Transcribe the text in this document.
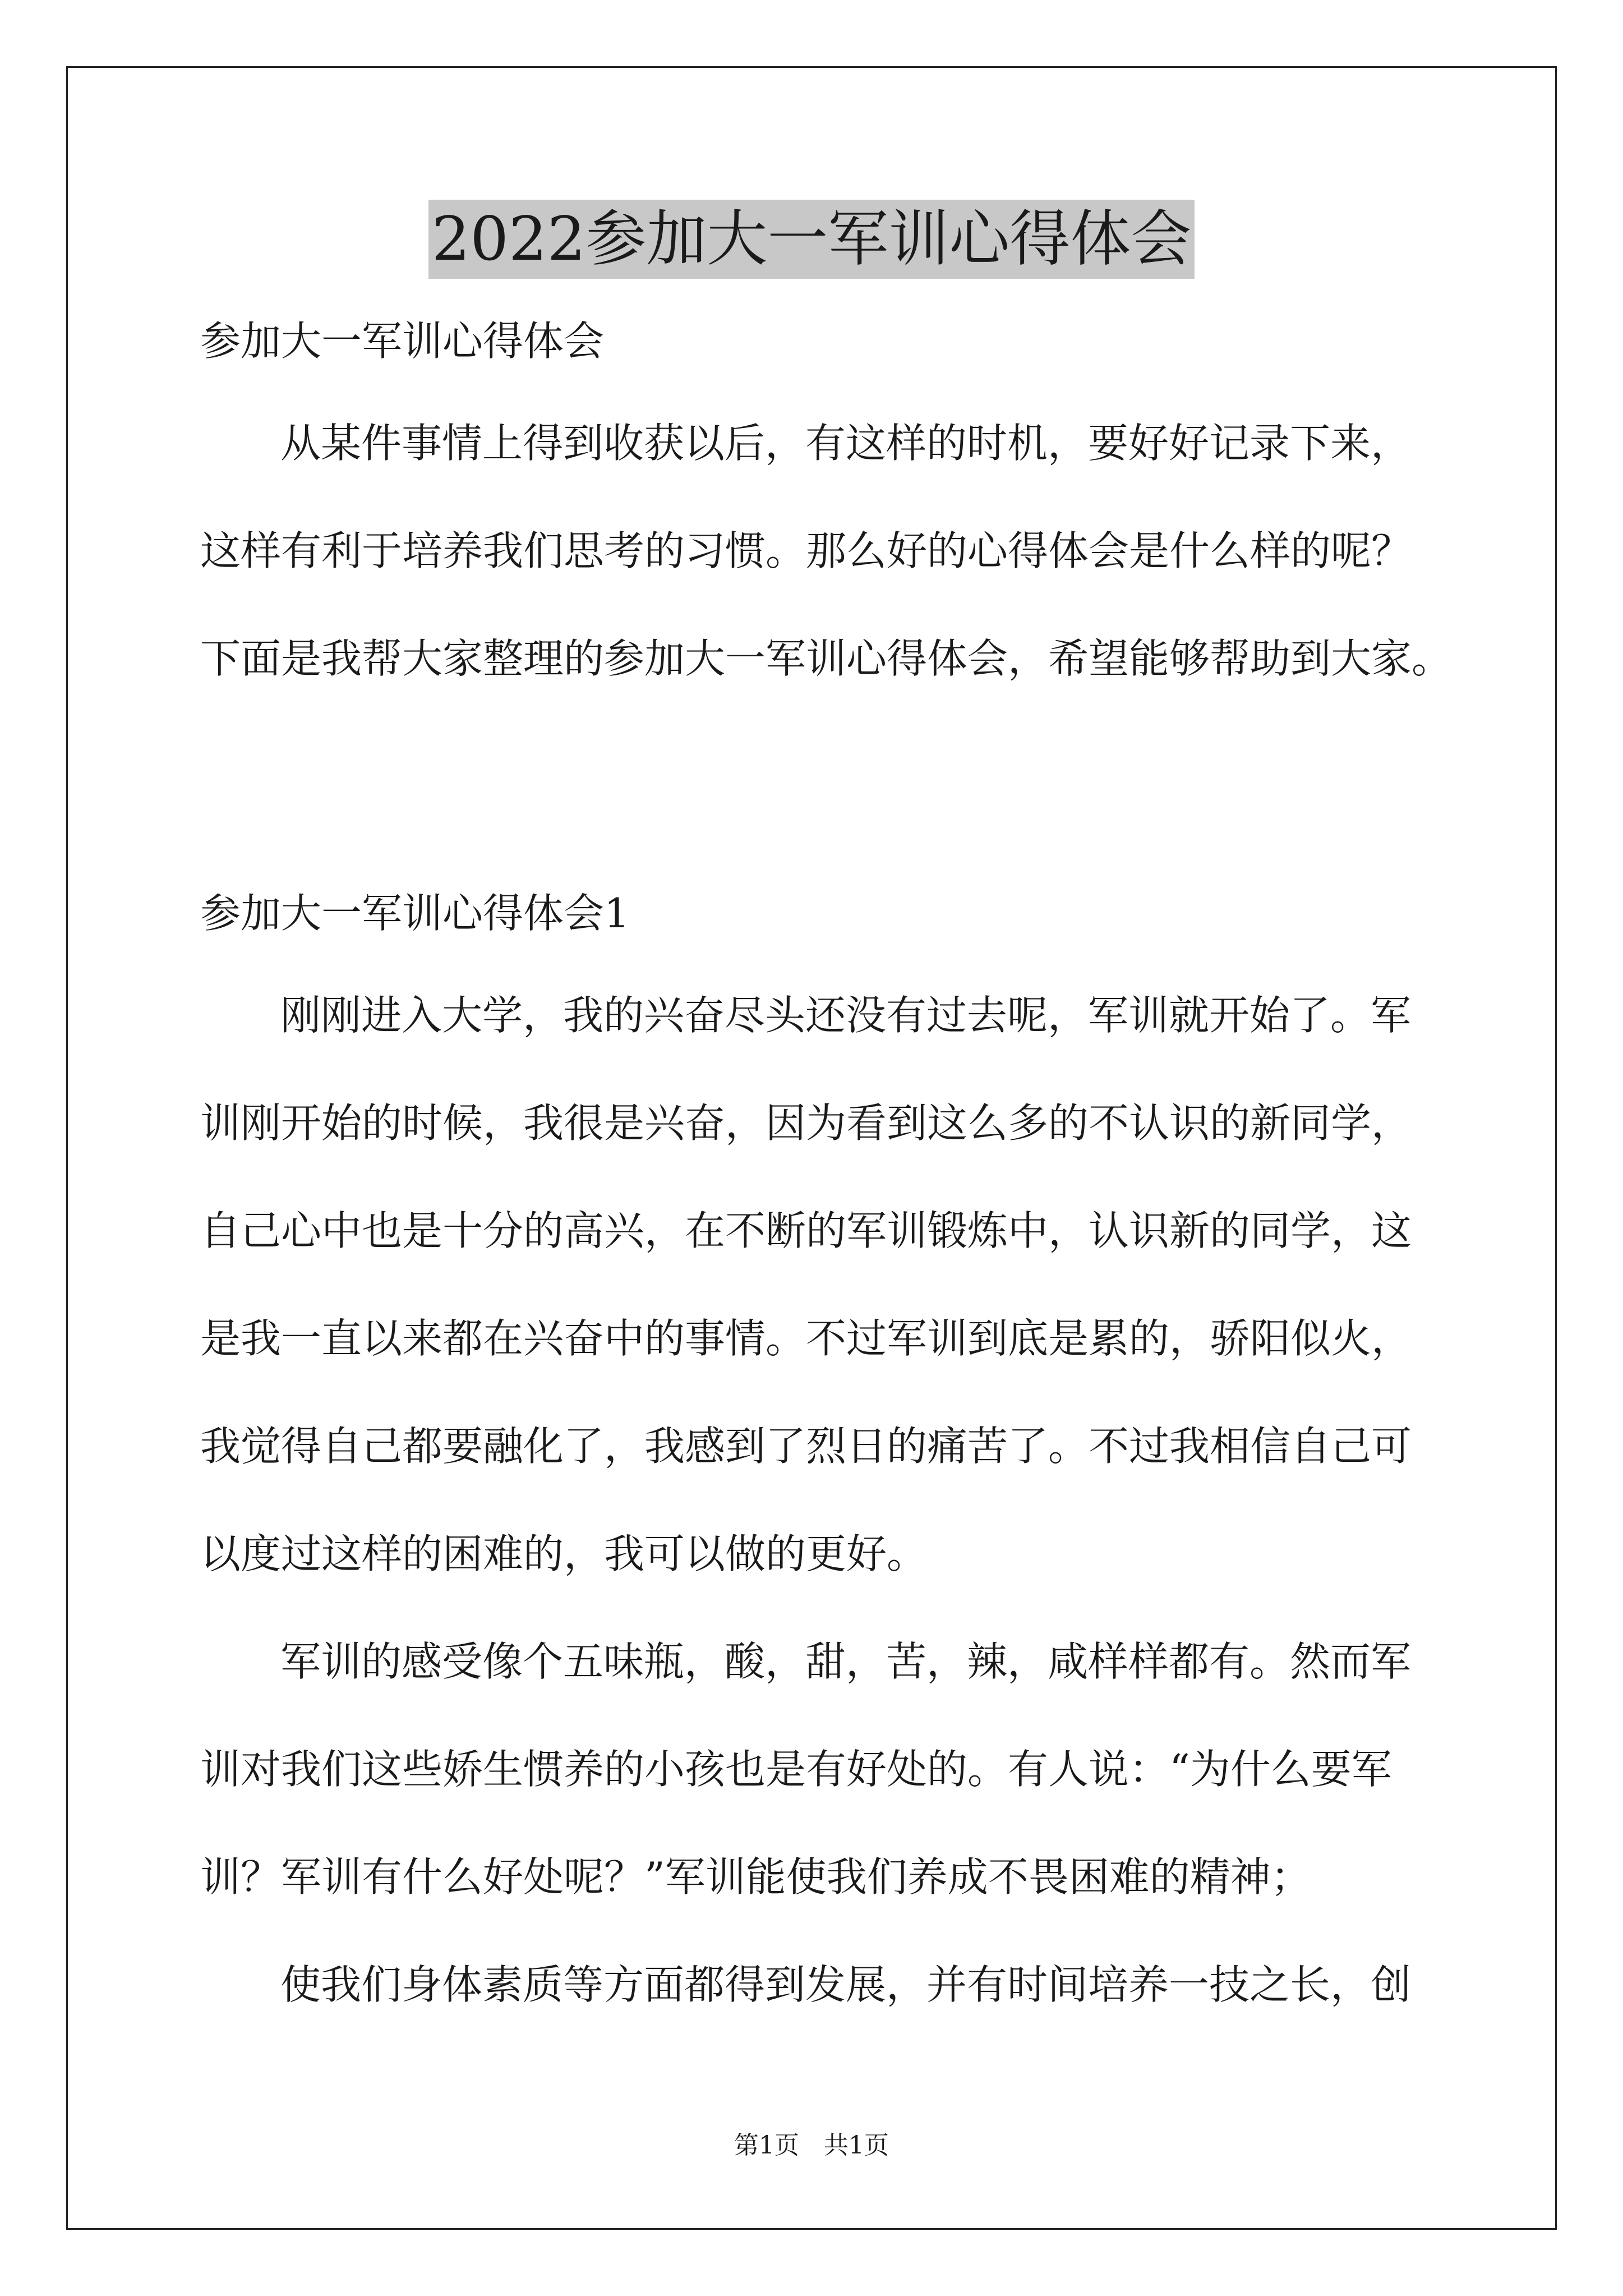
2022参加大一军训心得体会
参加大一军训心得体会
从某件事情上得到收获以后，有这样的时机，要好好记录下来，
这样有利于培养我们思考的习惯。那么好的心得体会是什么样的呢？
下面是我帮大家整理的参加大一军训心得体会，希望能够帮助到大家。
参加大一军训心得体会1
刚刚进入大学，我的兴奋尽头还没有过去呢，军训就开始了。军
训刚开始的时候，我很是兴奋，因为看到这么多的不认识的新同学，
自己心中也是十分的高兴，在不断的军训锻炼中，认识新的同学，这
是我一直以来都在兴奋中的事情。不过军训到底是累的，骄阳似火，
我觉得自己都要融化了，我感到了烈日的痛苦了。不过我相信自己可
以度过这样的困难的，我可以做的更好。
军训的感受像个五味瓶，酸，甜，苦，辣，咸样样都有。然而军
训对我们这些娇生惯养的小孩也是有好处的。有人说：“为什么要军
训？军训有什么好处呢？”军训能使我们养成不畏困难的精神；
使我们身体素质等方面都得到发展，并有时间培养一技之长，创
第1页　共1页
